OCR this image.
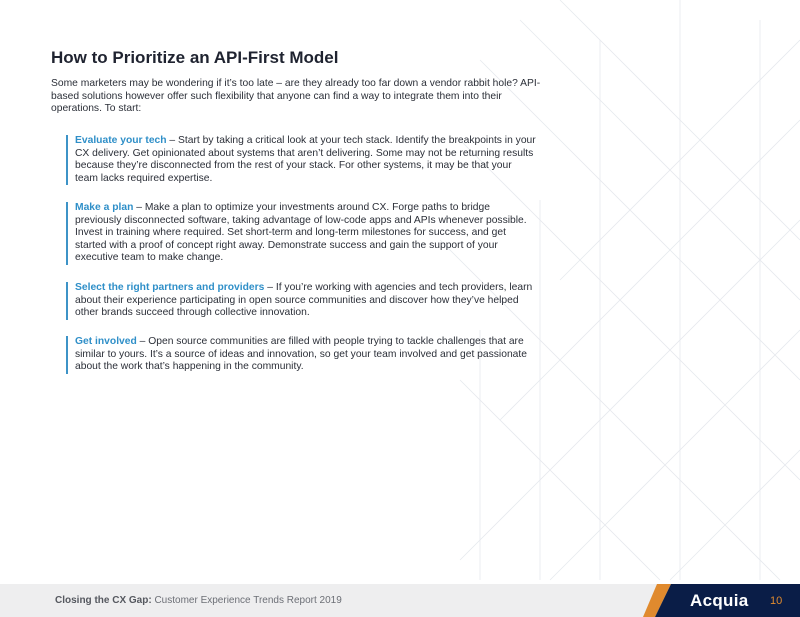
How to Prioritize an API-First Model

Some marketers may be wondering if it’s too late – are they already too far down a vendor rabbit hole? API-based solutions however offer such flexibility that anyone can find a way to integrate them into their operations. To start:

Evaluate your tech – Start by taking a critical look at your tech stack. Identify the breakpoints in your CX delivery. Get opinionated about systems that aren’t delivering. Some may not be returning results because they’re disconnected from the rest of your stack. For other systems, it may be that your team lacks required expertise.
Make a plan – Make a plan to optimize your investments around CX. Forge paths to bridge previously disconnected software, taking advantage of low-code apps and APIs whenever possible. Invest in training where required. Set short-term and long-term milestones for success, and get started with a proof of concept right away. Demonstrate success and gain the support of your executive team to make change.
Select the right partners and providers – If you’re working with agencies and tech providers, learn about their experience participating in open source communities and discover how they’ve helped other brands succeed through collective innovation.
Get involved – Open source communities are filled with people trying to tackle challenges that are similar to yours. It’s a source of ideas and innovation, so get your team involved and get passionate about the work that’s happening in the community.
Closing the CX Gap: Customer Experience Trends Report 2019	Acquia 10
